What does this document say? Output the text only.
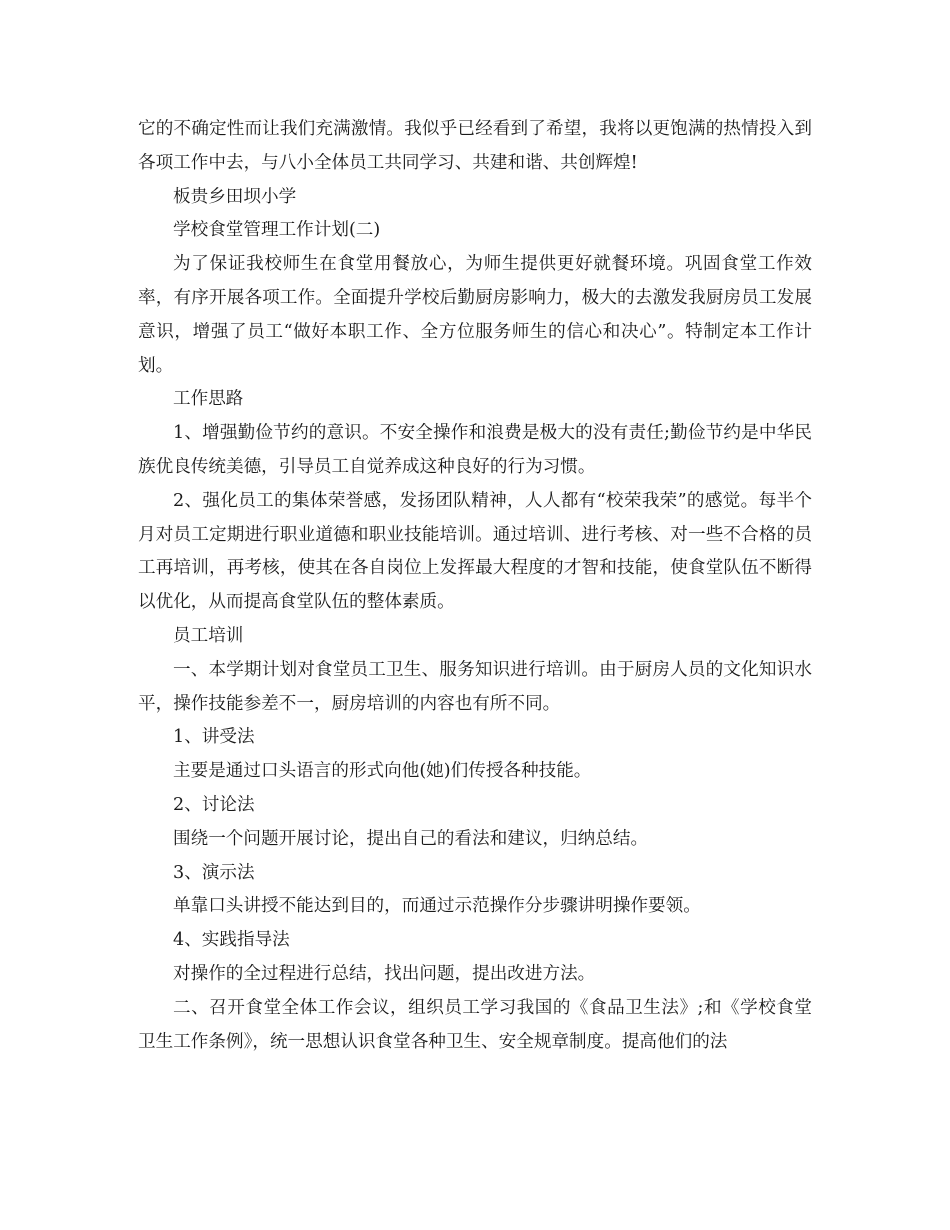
它的不确定性而让我们充满激情。我似乎已经看到了希望，我将以更饱满的热情投入到各项工作中去，与八小全体员工共同学习、共建和谐、共创辉煌!

板贵乡田坝小学

学校食堂管理工作计划(二)

为了保证我校师生在食堂用餐放心，为师生提供更好就餐环境。巩固食堂工作效率，有序开展各项工作。全面提升学校后勤厨房影响力，极大的去激发我厨房员工发展意识，增强了员工“做好本职工作、全方位服务师生的信心和决心”。特制定本工作计划。

工作思路

1、增强勤俭节约的意识。不安全操作和浪费是极大的没有责任;勤俭节约是中华民族优良传统美德，引导员工自觉养成这种良好的行为习惯。

2、强化员工的集体荣誉感，发扬团队精神，人人都有“校荣我荣”的感觉。每半个月对员工定期进行职业道德和职业技能培训。通过培训、进行考核、对一些不合格的员工再培训，再考核，使其在各自岗位上发挥最大程度的才智和技能，使食堂队伍不断得以优化，从而提高食堂队伍的整体素质。

员工培训

一、本学期计划对食堂员工卫生、服务知识进行培训。由于厨房人员的文化知识水平，操作技能参差不一，厨房培训的内容也有所不同。

1、讲受法

主要是通过口头语言的形式向他(她)们传授各种技能。

2、讨论法

围绕一个问题开展讨论，提出自己的看法和建议，归纳总结。

3、演示法

单靠口头讲授不能达到目的，而通过示范操作分步骤讲明操作要领。

4、实践指导法

对操作的全过程进行总结，找出问题，提出改进方法。

二、召开食堂全体工作会议，组织员工学习我国的《食品卫生法》;和《学校食堂卫生工作条例》，统一思想认识食堂各种卫生、安全规章制度。提高他们的法
